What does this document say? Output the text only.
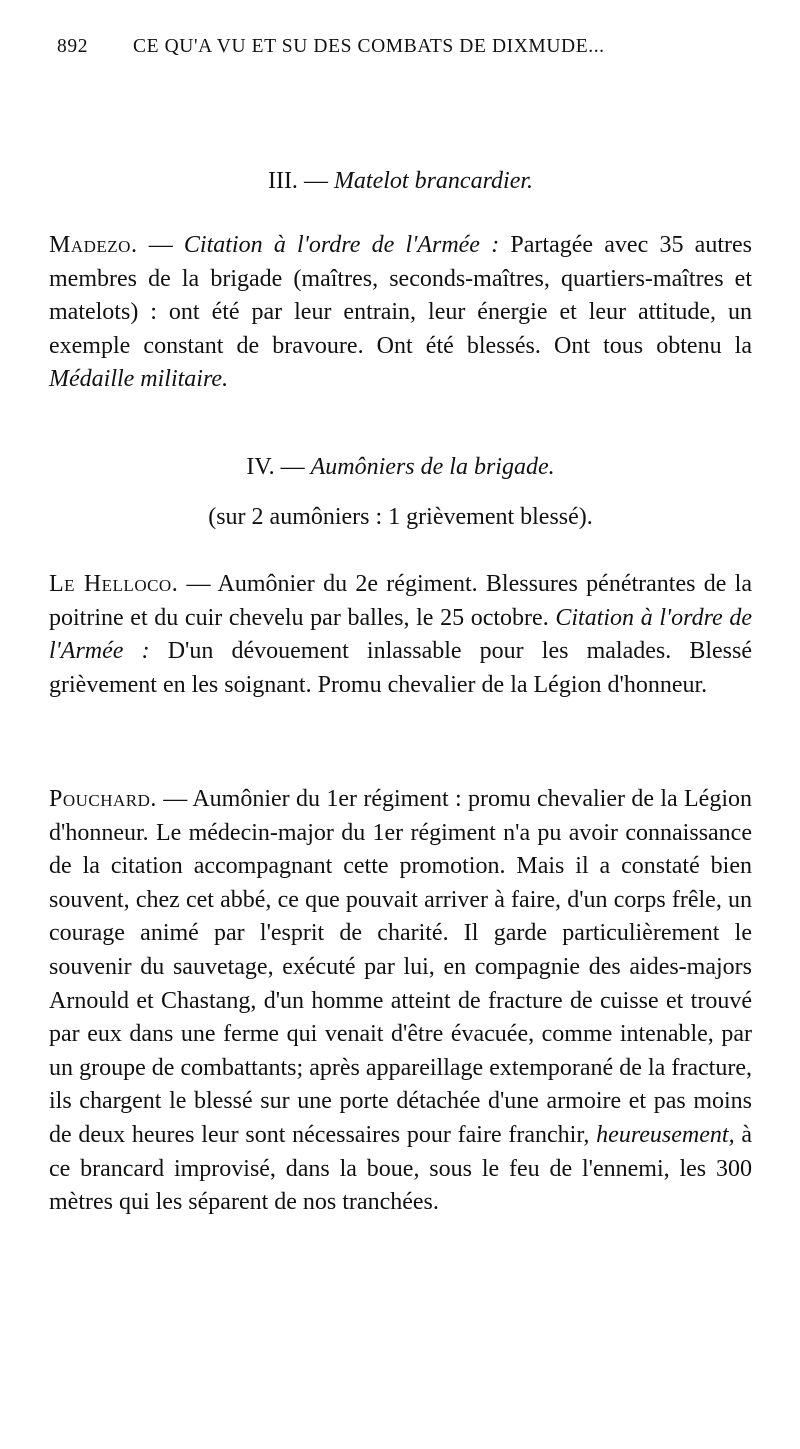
892 CE QU'A VU ET SU DES COMBATS DE DIXMUDE...
III. — Matelot brancardier.

Madezo. — Citation à l'ordre de l'Armée : Partagée avec 35 autres membres de la brigade (maîtres, seconds-maîtres, quartiers-maîtres et matelots) : ont été par leur entrain, leur énergie et leur attitude, un exemple constant de bravoure. Ont été blessés. Ont tous obtenu la Médaille militaire.

IV. — Aumôniers de la brigade.
(sur 2 aumôniers : 1 grièvement blessé).

Le Helloco. — Aumônier du 2e régiment. Blessures pénétrantes de la poitrine et du cuir chevelu par balles, le 25 octobre. Citation à l'ordre de l'Armée : D'un dévouement inlassable pour les malades. Blessé grièvement en les soignant. Promu chevalier de la Légion d'honneur.

Pouchard. — Aumônier du 1er régiment : promu chevalier de la Légion d'honneur. Le médecin-major du 1er régiment n'a pu avoir connaissance de la citation accompagnant cette promotion. Mais il a constaté bien souvent, chez cet abbé, ce que pouvait arriver à faire, d'un corps frêle, un courage animé par l'esprit de charité. Il garde particulièrement le souvenir du sauvetage, exécuté par lui, en compagnie des aides-majors Arnould et Chastang, d'un homme atteint de fracture de cuisse et trouvé par eux dans une ferme qui venait d'être évacuée, comme intenable, par un groupe de combattants; après appareillage extemporané de la fracture, ils chargent le blessé sur une porte détachée d'une armoire et pas moins de deux heures leur sont nécessaires pour faire franchir, heureusement, à ce brancard improvisé, dans la boue, sous le feu de l'ennemi, les 300 mètres qui les séparent de nos tranchées.
